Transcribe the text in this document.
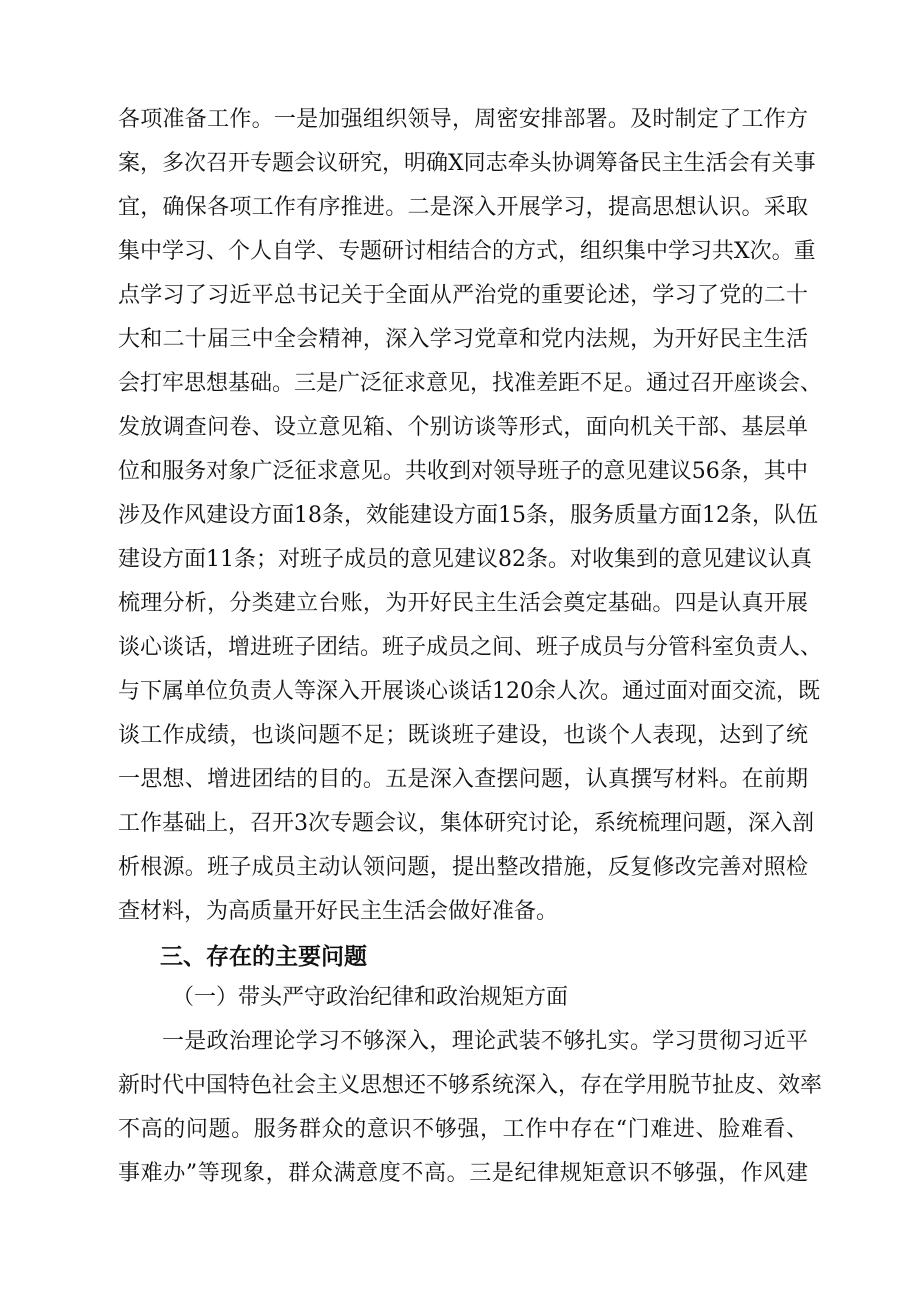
各项准备工作。一是加强组织领导，周密安排部署。及时制定了工作方
案，多次召开专题会议研究，明确X同志牵头协调筹备民主生活会有关事
宜，确保各项工作有序推进。二是深入开展学习，提高思想认识。采取
集中学习、个人自学、专题研讨相结合的方式，组织集中学习共X次。重
点学习了习近平总书记关于全面从严治党的重要论述，学习了党的二十
大和二十届三中全会精神，深入学习党章和党内法规，为开好民主生活
会打牢思想基础。三是广泛征求意见，找准差距不足。通过召开座谈会、
发放调查问卷、设立意见箱、个别访谈等形式，面向机关干部、基层单
位和服务对象广泛征求意见。共收到对领导班子的意见建议56条，其中
涉及作风建设方面18条，效能建设方面15条，服务质量方面12条，队伍
建设方面11条；对班子成员的意见建议82条。对收集到的意见建议认真
梳理分析，分类建立台账，为开好民主生活会奠定基础。四是认真开展
谈心谈话，增进班子团结。班子成员之间、班子成员与分管科室负责人、
与下属单位负责人等深入开展谈心谈话120余人次。通过面对面交流，既
谈工作成绩，也谈问题不足；既谈班子建设，也谈个人表现，达到了统
一思想、增进团结的目的。五是深入查摆问题，认真撰写材料。在前期
工作基础上，召开3次专题会议，集体研究讨论，系统梳理问题，深入剖
析根源。班子成员主动认领问题，提出整改措施，反复修改完善对照检
查材料，为高质量开好民主生活会做好准备。
三、存在的主要问题
（一）带头严守政治纪律和政治规矩方面
一是政治理论学习不够深入，理论武装不够扎实。学习贯彻习近平
新时代中国特色社会主义思想还不够系统深入，存在学用脱节扯皮、效率
不高的问题。服务群众的意识不够强，工作中存在“门难进、脸难看、
事难办”等现象，群众满意度不高。三是纪律规矩意识不够强，作风建
